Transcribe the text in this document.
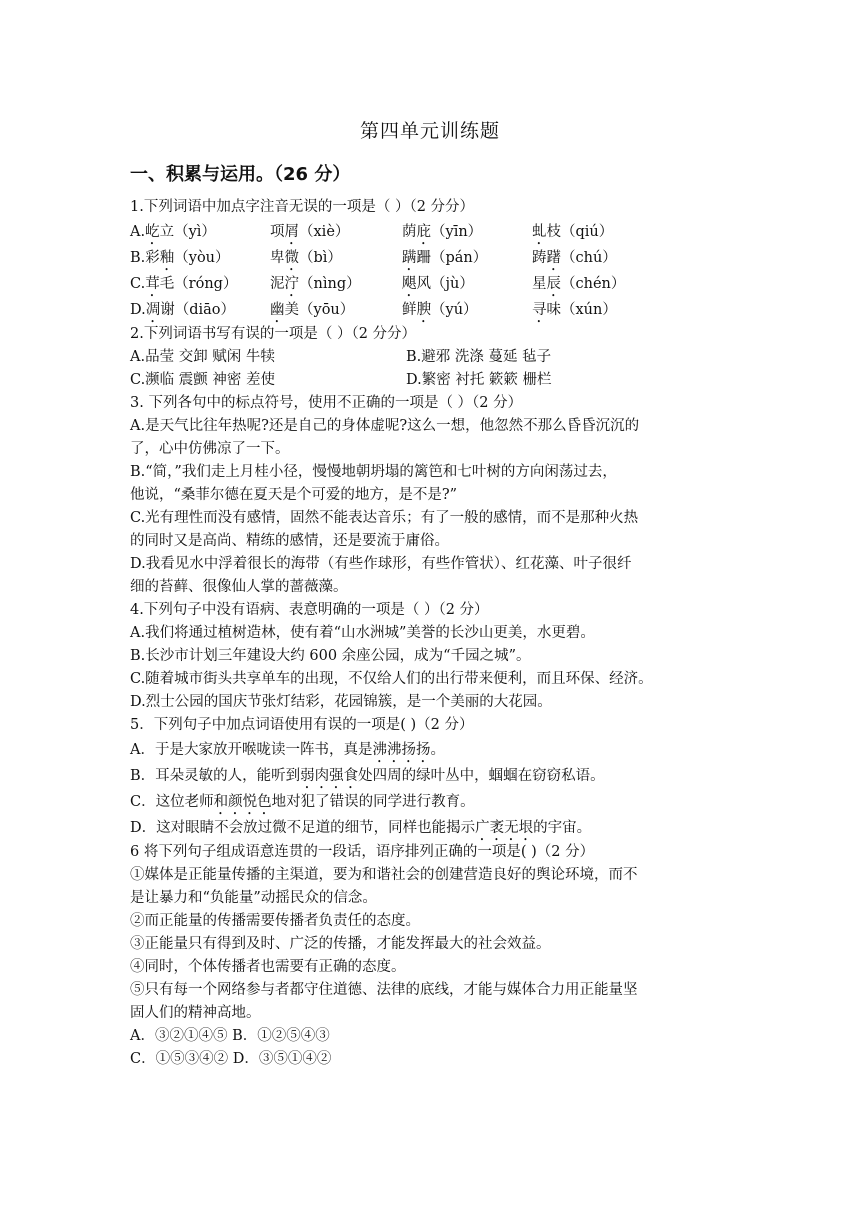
第四单元训练题
一、积累与运用。（26 分）
1.下列词语中加点字注音无误的一项是（ ）（2 分分）
A.屹立（yì）	项屑（xiè）	荫庇（yīn）	虬枝（qiú）
B.彩釉（yòu）	卑微（bì）	蹒跚（pán）	踌躇（chú）
C.茸毛（róng）	泥泞（nìng）	飓风（jù）	星辰（chén）
D.凋谢（diāo）	幽美（yōu）	鲜腴（yú）	寻味（xún）
2.下列词语书写有误的一项是（ ）（2 分分）
A.品莹 交卸 赋闲 牛犊	B.避邪 洗涤 蔓延 毡子
C.濒临 震颤 神密 差使	D.繁密 衬托 簌簌 栅栏
3. 下列各句中的标点符号，使用不正确的一项是（ ）（2 分）
A.是天气比往年热呢?还是自己的身体虚呢?这么一想，他忽然不那么昏昏沉沉的
了，心中仿佛凉了一下。
B.“简，”我们走上月桂小径，慢慢地朝坍塌的篱笆和七叶树的方向闲荡过去，
他说，“桑菲尔德在夏天是个可爱的地方，是不是?”
C.光有理性而没有感情，固然不能表达音乐；有了一般的感情，而不是那种火热
的同时又是高尚、精练的感情，还是要流于庸俗。
D.我看见水中浮着很长的海带（有些作球形，有些作管状）、红花藻、叶子很纤
细的苔藓、很像仙人掌的蔷薇藻。
4.下列句子中没有语病、表意明确的一项是（ ）（2 分）
A.我们将通过植树造林，使有着“山水洲城”美誉的长沙山更美，水更碧。
B.长沙市计划三年建设大约 600 余座公园，成为“千园之城”。
C.随着城市街头共享单车的出现，不仅给人们的出行带来便利，而且环保、经济。
D.烈士公园的国庆节张灯结彩，花园锦簇，是一个美丽的大花园。
5．下列句子中加点词语使用有误的一项是( )（2 分）
A．于是大家放开喉咙读一阵书，真是沸沸扬扬。
B．耳朵灵敏的人，能听到弱肉强食处四周的绿叶丛中，蝈蝈在窃窃私语。
C．这位老师和颜悦色地对犯了错误的同学进行教育。
D．这对眼睛不会放过微不足道的细节，同样也能揭示广袤无垠的宇宙。
6 将下列句子组成语意连贯的一段话，语序排列正确的一项是( )（2 分）
①媒体是正能量传播的主渠道，要为和谐社会的创建营造良好的舆论环境，而不
是让暴力和“负能量”动摇民众的信念。
②而正能量的传播需要传播者负责任的态度。
③正能量只有得到及时、广泛的传播，才能发挥最大的社会效益。
④同时，个体传播者也需要有正确的态度。
⑤只有每一个网络参与者都守住道德、法律的底线，才能与媒体合力用正能量坚
固人们的精神高地。
A．③②①④⑤ B．①②⑤④③
C．①⑤③④② D．③⑤①④②
